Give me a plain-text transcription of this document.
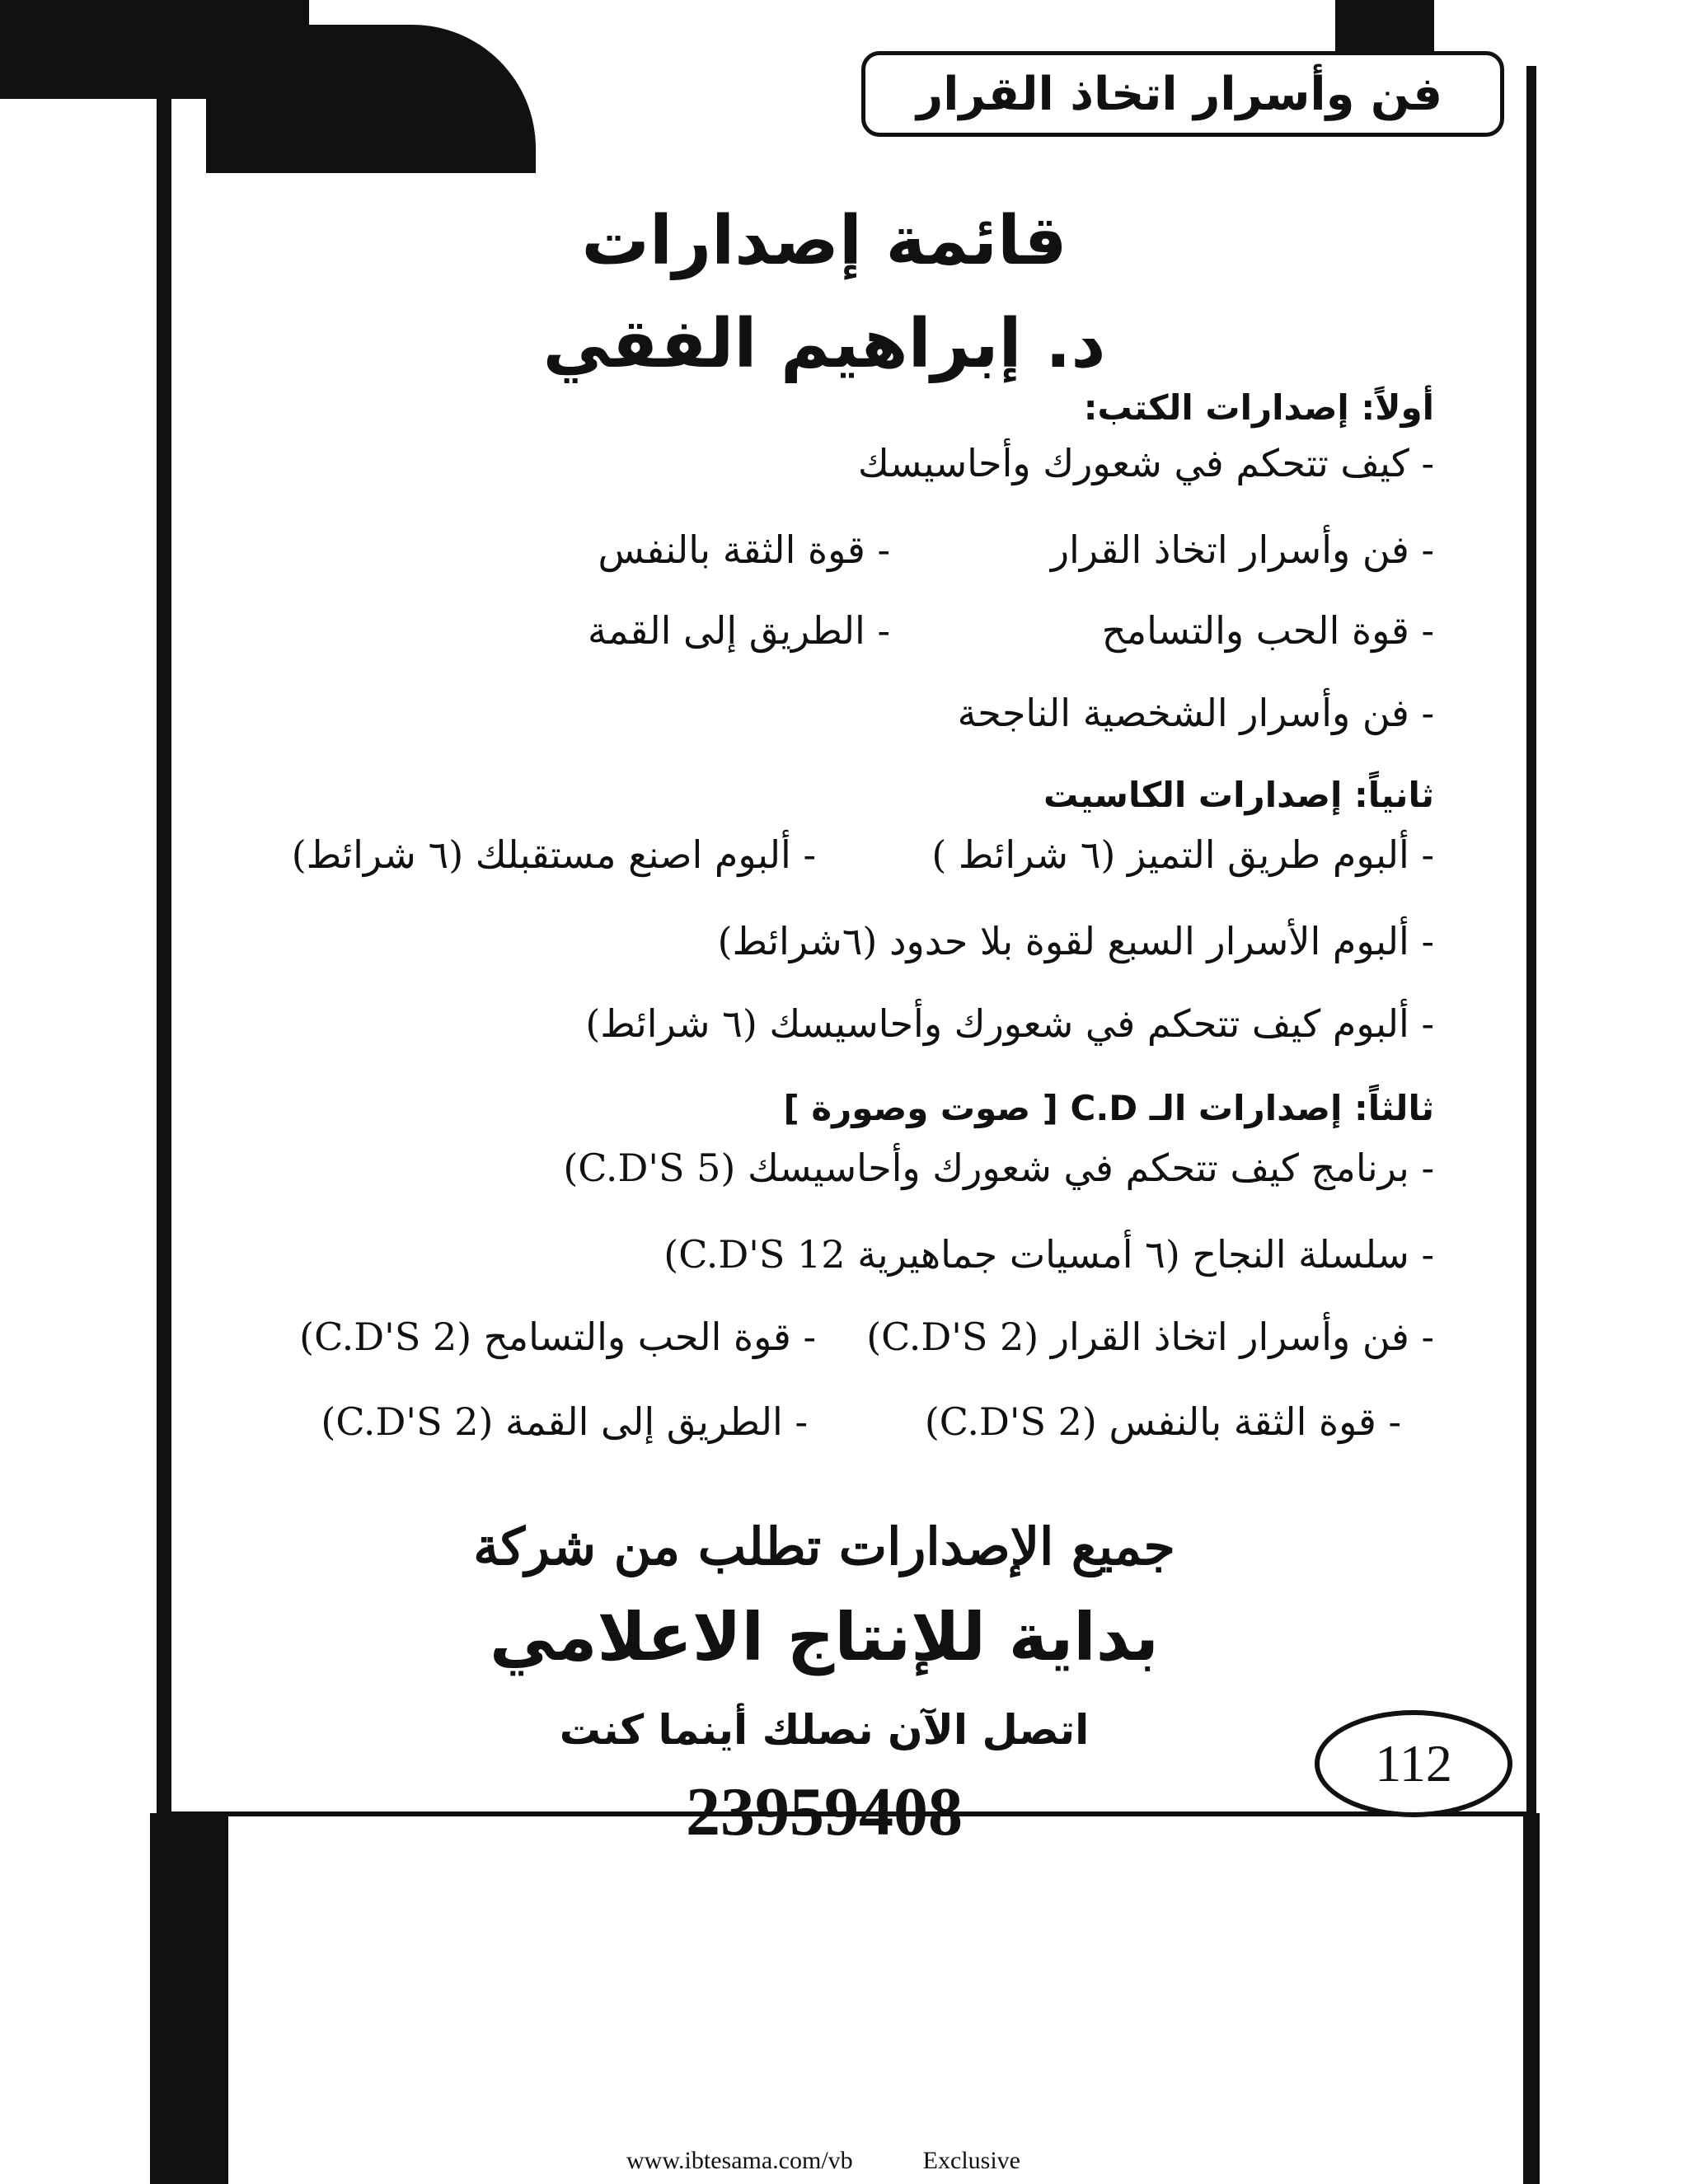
فن وأسرار اتخاذ القرار
قائمة إصدارات
د. إبراهيم الفقي
أولاً: إصدارات الكتب:
- كيف تتحكم في شعورك وأحاسيسك
- فن وأسرار اتخاذ القرار
- قوة الثقة بالنفس
- قوة الحب والتسامح
- الطريق إلى القمة
- فن وأسرار الشخصية الناجحة
ثانياً: إصدارات الكاسيت
- ألبوم طريق التميز (٦ شرائط )
- ألبوم اصنع مستقبلك (٦ شرائط)
- ألبوم الأسرار السبع لقوة بلا حدود (٦شرائط)
- ألبوم كيف تتحكم في شعورك وأحاسيسك (٦ شرائط)
ثالثاً: إصدارات الـ C.D [ صوت وصورة ]
- برنامج كيف تتحكم في شعورك وأحاسيسك (5 C.D'S)
- سلسلة النجاح (٦ أمسيات جماهيرية 12 C.D'S)
- فن وأسرار اتخاذ القرار (2 C.D'S)
- قوة الحب والتسامح (2 C.D'S)
- قوة الثقة بالنفس (2 C.D'S)
- الطريق إلى القمة (2 C.D'S)
جميع الإصدارات تطلب من شركة
بداية للإنتاج الاعلامي
اتصل الآن نصلك أينما كنت
23959408
112
www.ibtesama.com/vb	Exclusive
